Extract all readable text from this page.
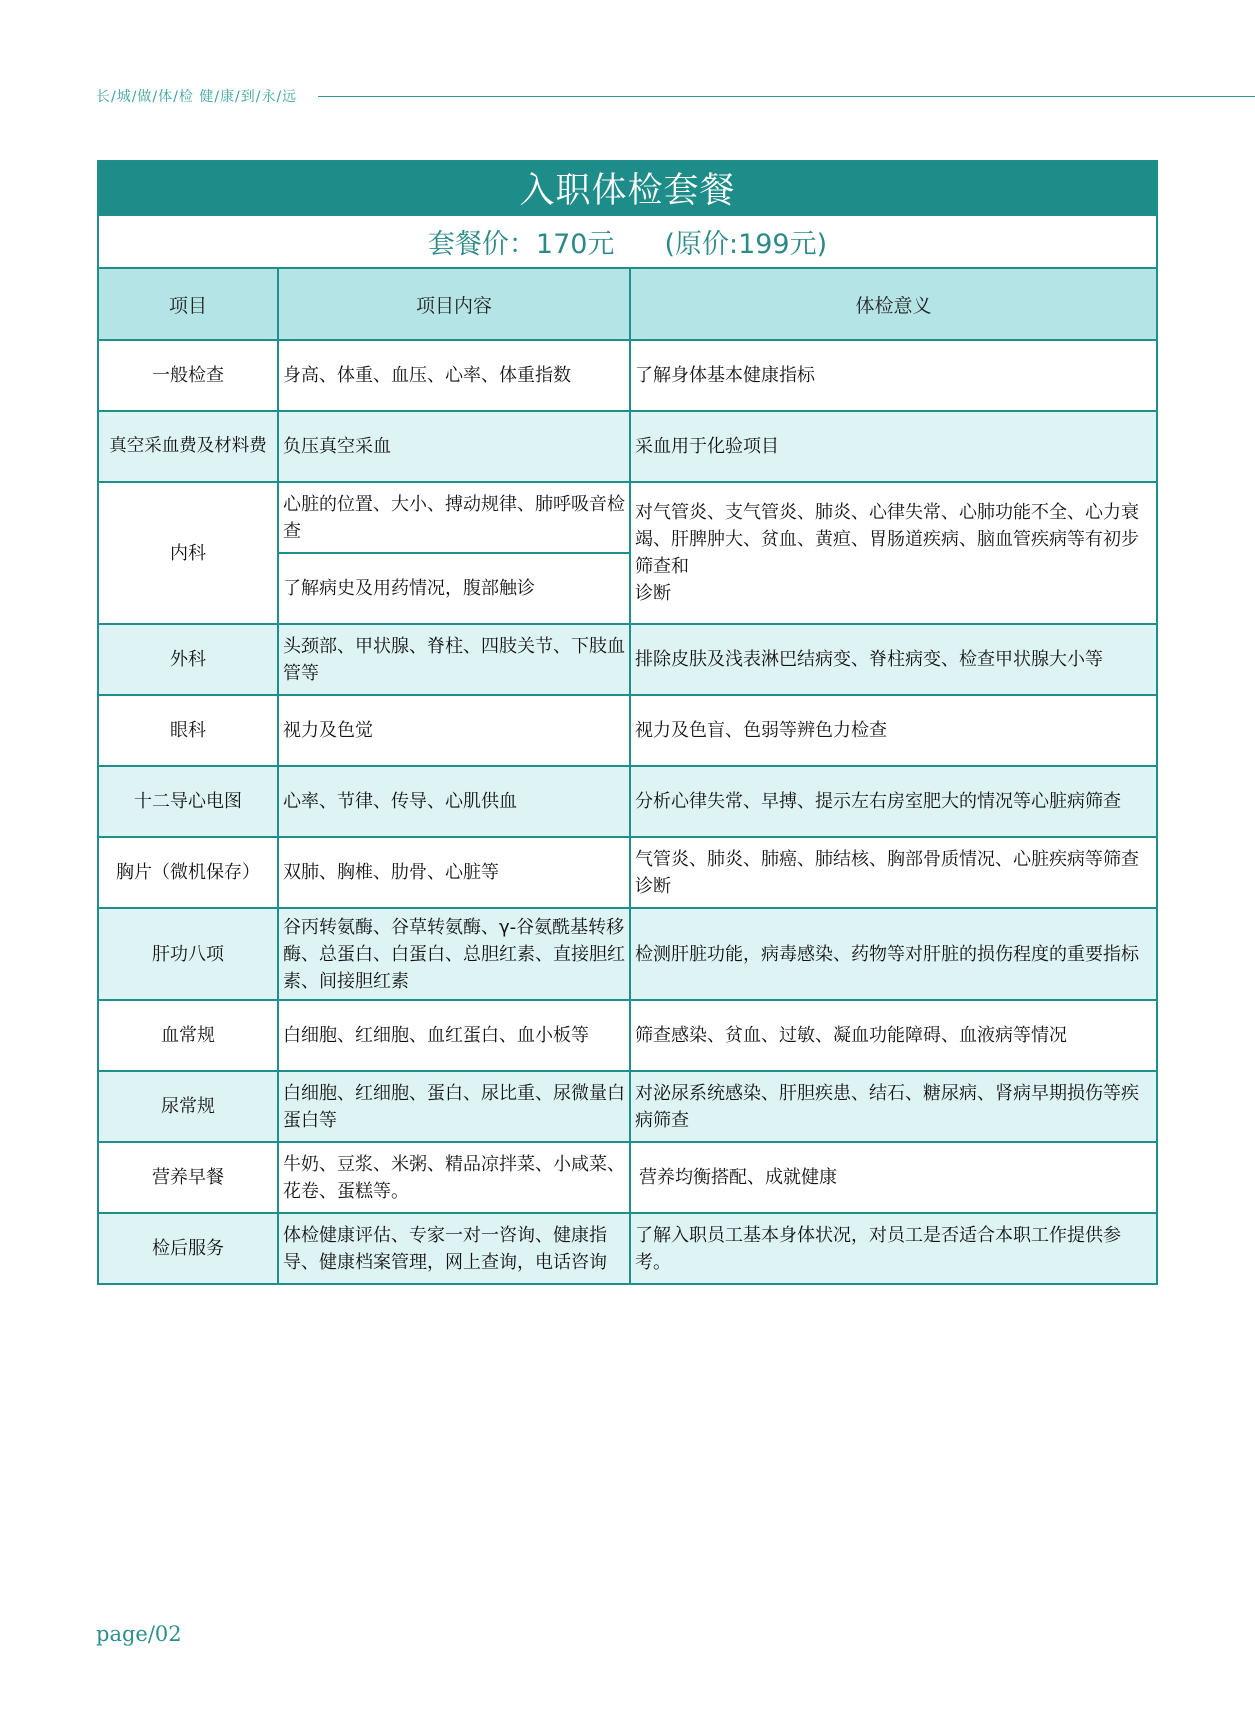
长/城/做/体/检 健/康/到/永/远
入职体检套餐		
套餐价：170元 (原价:199元)		
项目	项目内容	体检意义
一般检查	身高、体重、血压、心率、体重指数	了解身体基本健康指标
真空采血费及材料费	负压真空采血	采血用于化验项目
内科	心脏的位置、大小、搏动规律、肺呼吸音检查	对气管炎、支气管炎、肺炎、心律失常、心肺功能不全、心力衰竭、肝脾肿大、贫血、黄疸、胃肠道疾病、脑血管疾病等有初步筛查和
诊断
	了解病史及用药情况，腹部触诊	
外科	头颈部、甲状腺、脊柱、四肢关节、下肢血管等	排除皮肤及浅表淋巴结病变、脊柱病变、检查甲状腺大小等
眼科	视力及色觉	视力及色盲、色弱等辨色力检查
十二导心电图	心率、节律、传导、心肌供血	分析心律失常、早搏、提示左右房室肥大的情况等心脏病筛查
胸片（微机保存）	双肺、胸椎、肋骨、心脏等	气管炎、肺炎、肺癌、肺结核、胸部骨质情况、心脏疾病等筛查诊断
肝功八项	谷丙转氨酶、谷草转氨酶、γ-谷氨酰基转移酶、总蛋白、白蛋白、总胆红素、直接胆红素、间接胆红素	检测肝脏功能，病毒感染、药物等对肝脏的损伤程度的重要指标
血常规	白细胞、红细胞、血红蛋白、血小板等	筛查感染、贫血、过敏、凝血功能障碍、血液病等情况
尿常规	白细胞、红细胞、蛋白、尿比重、尿微量白蛋白等	对泌尿系统感染、肝胆疾患、结石、糖尿病、肾病早期损伤等疾病筛查
营养早餐	牛奶、豆浆、米粥、精品凉拌菜、小咸菜、花卷、蛋糕等。	营养均衡搭配、成就健康
检后服务	体检健康评估、专家一对一咨询、健康指导、健康档案管理，网上查询，电话咨询	了解入职员工基本身体状况，对员工是否适合本职工作提供参考。
page/02
